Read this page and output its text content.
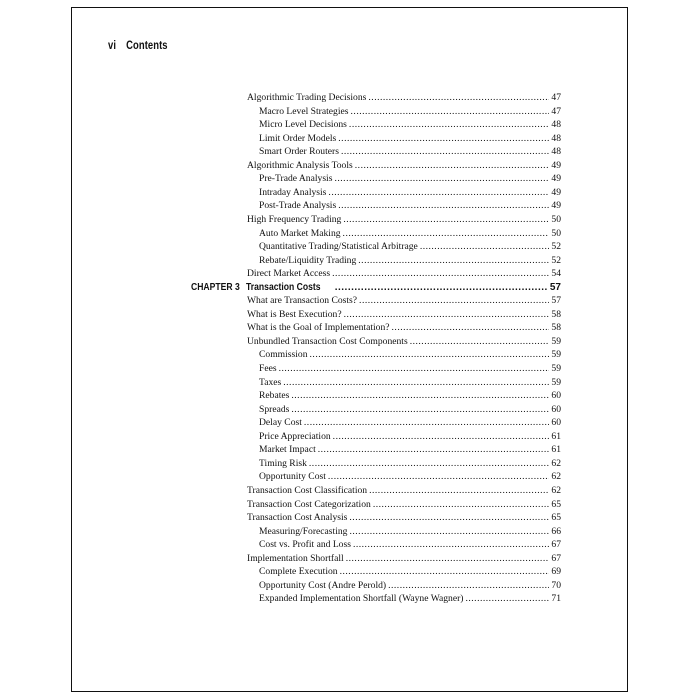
vi Contents
Algorithmic Trading Decisions .....	47
Macro Level Strategies .....	47
Micro Level Decisions .....	48
Limit Order Models .....	48
Smart Order Routers .....	48
Algorithmic Analysis Tools .....	49
Pre-Trade Analysis .....	49
Intraday Analysis .....	49
Post-Trade Analysis .....	49
High Frequency Trading .....	50
Auto Market Making .....	50
Quantitative Trading/Statistical Arbitrage .....	52
Rebate/Liquidity Trading .....	52
Direct Market Access .....	54
CHAPTER 3 Transaction Costs .....	57
What are Transaction Costs? .....	57
What is Best Execution? .....	58
What is the Goal of Implementation? .....	58
Unbundled Transaction Cost Components .....	59
Commission .....	59
Fees .....	59
Taxes .....	59
Rebates .....	60
Spreads .....	60
Delay Cost .....	60
Price Appreciation .....	61
Market Impact .....	61
Timing Risk .....	62
Opportunity Cost .....	62
Transaction Cost Classification .....	62
Transaction Cost Categorization .....	65
Transaction Cost Analysis .....	65
Measuring/Forecasting .....	66
Cost vs. Profit and Loss .....	67
Implementation Shortfall .....	67
Complete Execution .....	69
Opportunity Cost (Andre Perold) .....	70
Expanded Implementation Shortfall (Wayne Wagner) .....	71
